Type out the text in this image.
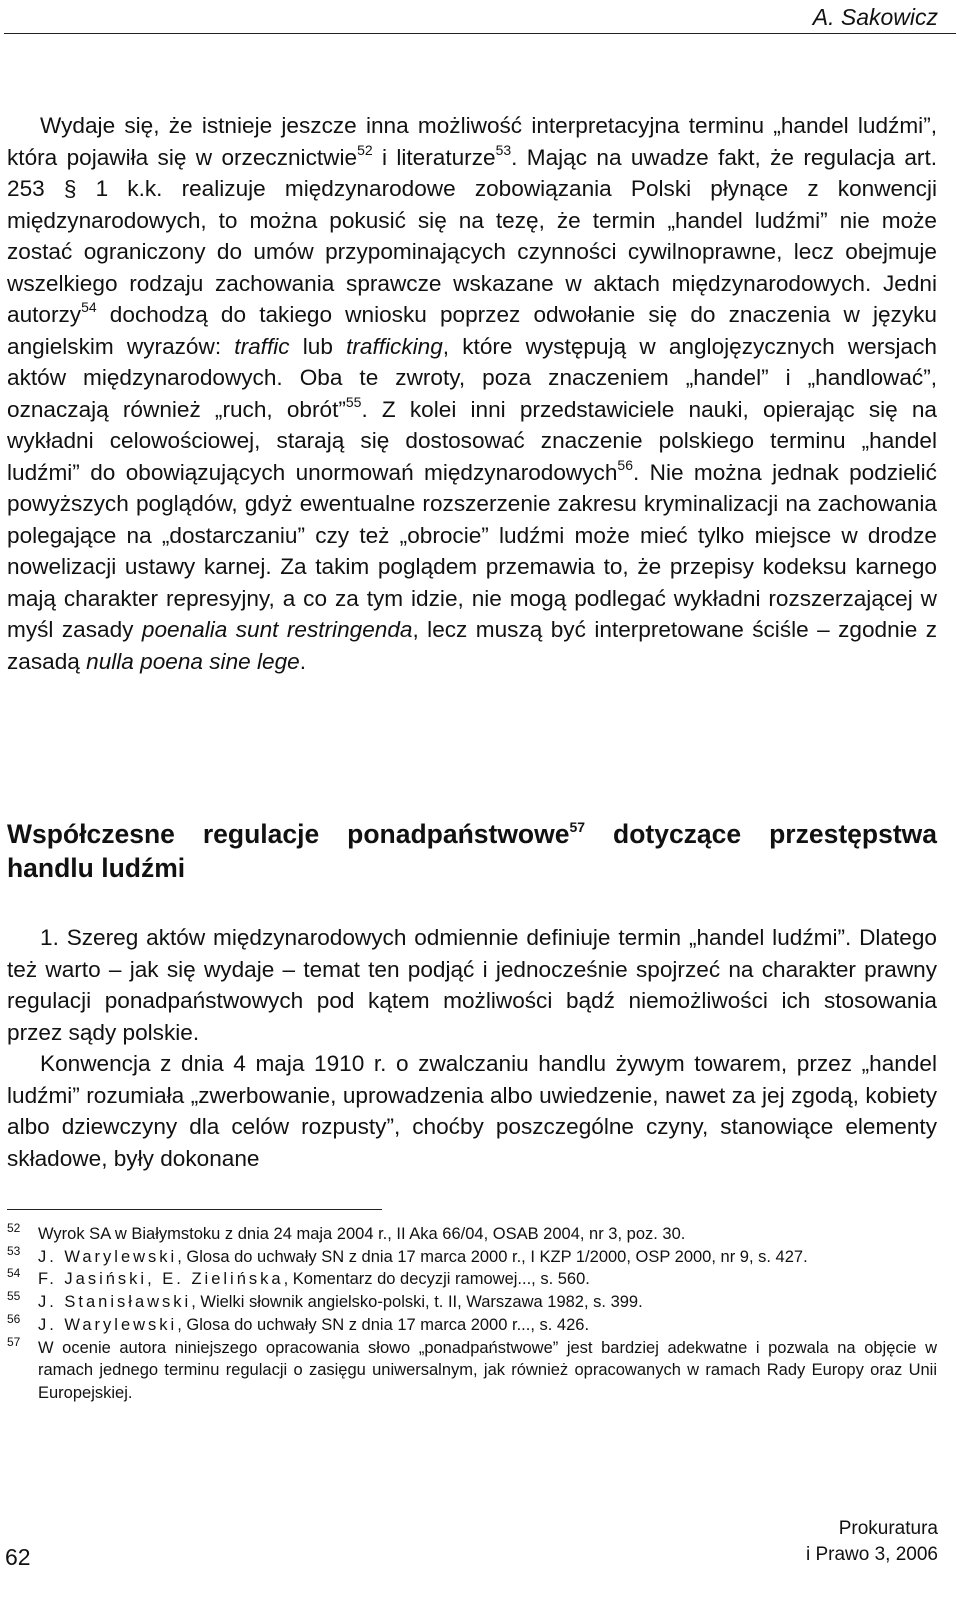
A. Sakowicz

Wydaje się, że istnieje jeszcze inna możliwość interpretacyjna terminu „handel ludźmi”, która pojawiła się w orzecznictwie$^{52}$ i literaturze$^{53}$. Mając na uwadze fakt, że regulacja art. 253 § 1 k.k. realizuje międzynarodowe zobowiązania Polski płynące z konwencji międzynarodowych, to można pokusić się na tezę, że termin „handel ludźmi” nie może zostać ograniczony do umów przypominających czynności cywilnoprawne, lecz obejmuje wszelkiego rodzaju zachowania sprawcze wskazane w aktach międzynarodowych. Jedni autorzy$^{54}$ dochodzą do takiego wniosku poprzez odwołanie się do znaczenia w języku angielskim wyrazów: traffic lub trafficking, które występują w anglojęzycznych wersjach aktów międzynarodowych. Oba te zwroty, poza znaczeniem „handel” i „handlować”, oznaczają również „ruch, obrót”$^{55}$. Z kolei inni przedstawiciele nauki, opierając się na wykładni celowościowej, starają się dostosować znaczenie polskiego terminu „handel ludźmi” do obowiązujących unormowań międzynarodowych$^{56}$. Nie można jednak podzielić powyższych poglądów, gdyż ewentualne rozszerzenie zakresu kryminalizacji na zachowania polegające na „dostarczaniu” czy też „obrocie” ludźmi może mieć tylko miejsce w drodze nowelizacji ustawy karnej. Za takim poglądem przemawia to, że przepisy kodeksu karnego mają charakter represyjny, a co za tym idzie, nie mogą podlegać wykładni rozszerzającej w myśl zasady poenalia sunt restringenda, lecz muszą być interpretowane ściśle – zgodnie z zasadą nulla poena sine lege.

Współczesne regulacje ponadpaństwowe$^{57}$ dotyczące przestępstwa handlu ludźmi

1. Szereg aktów międzynarodowych odmiennie definiuje termin „handel ludźmi”. Dlatego też warto – jak się wydaje – temat ten podjąć i jednocześnie spojrzeć na charakter prawny regulacji ponadpaństwowych pod kątem możliwości bądź niemożliwości ich stosowania przez sądy polskie.

Konwencja z dnia 4 maja 1910 r. o zwalczaniu handlu żywym towarem, przez „handel ludźmi” rozumiała „zwerbowanie, uprowadzenia albo uwiedzenie, nawet za jej zgodą, kobiety albo dziewczyny dla celów rozpusty”, choćby poszczególne czyny, stanowiące elementy składowe, były dokonane

52 Wyrok SA w Białymstoku z dnia 24 maja 2004 r., II Aka 66/04, OSAB 2004, nr 3, poz. 30.
53 J. Warylewski, Glosa do uchwały SN z dnia 17 marca 2000 r., I KZP 1/2000, OSP 2000, nr 9, s. 427.
54 F. Jasiński, E. Zielińska, Komentarz do decyzji ramowej..., s. 560.
55 J. Stanisławski, Wielki słownik angielsko-polski, t. II, Warszawa 1982, s. 399.
56 J. Warylewski, Glosa do uchwały SN z dnia 17 marca 2000 r..., s. 426.
57 W ocenie autora niniejszego opracowania słowo „ponadpaństwowe” jest bardziej adekwatne i pozwala na objęcie w ramach jednego terminu regulacji o zasięgu uniwersalnym, jak również opracowanych w ramach Rady Europy oraz Unii Europejskiej.
62
Prokuratura
i Prawo 3, 2006
